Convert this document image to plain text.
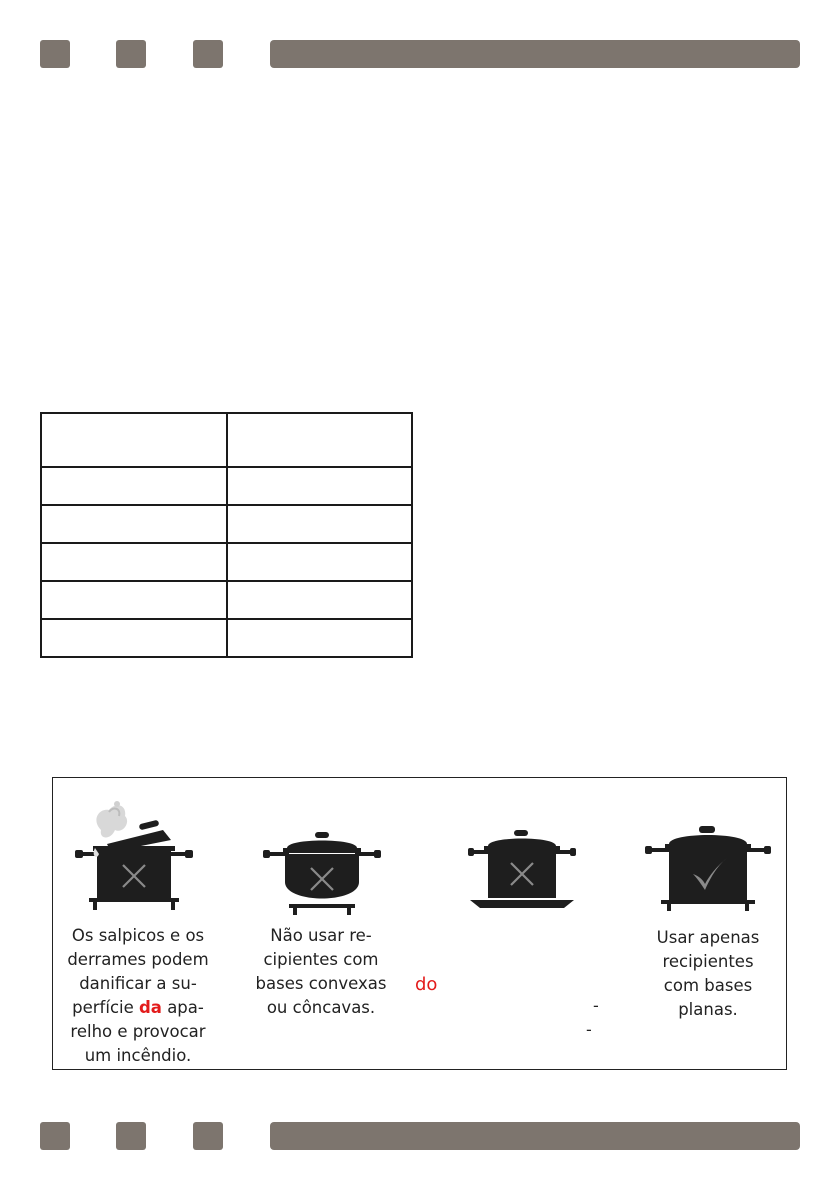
Os salpicos e os
derrames podem
danificar a su-
perfície da apa-
relho e provocar
um incêndio.
Não usar re-
cipientes com
bases convexas
ou côncavas.
do
-
-
Usar apenas
recipientes
com bases
planas.
